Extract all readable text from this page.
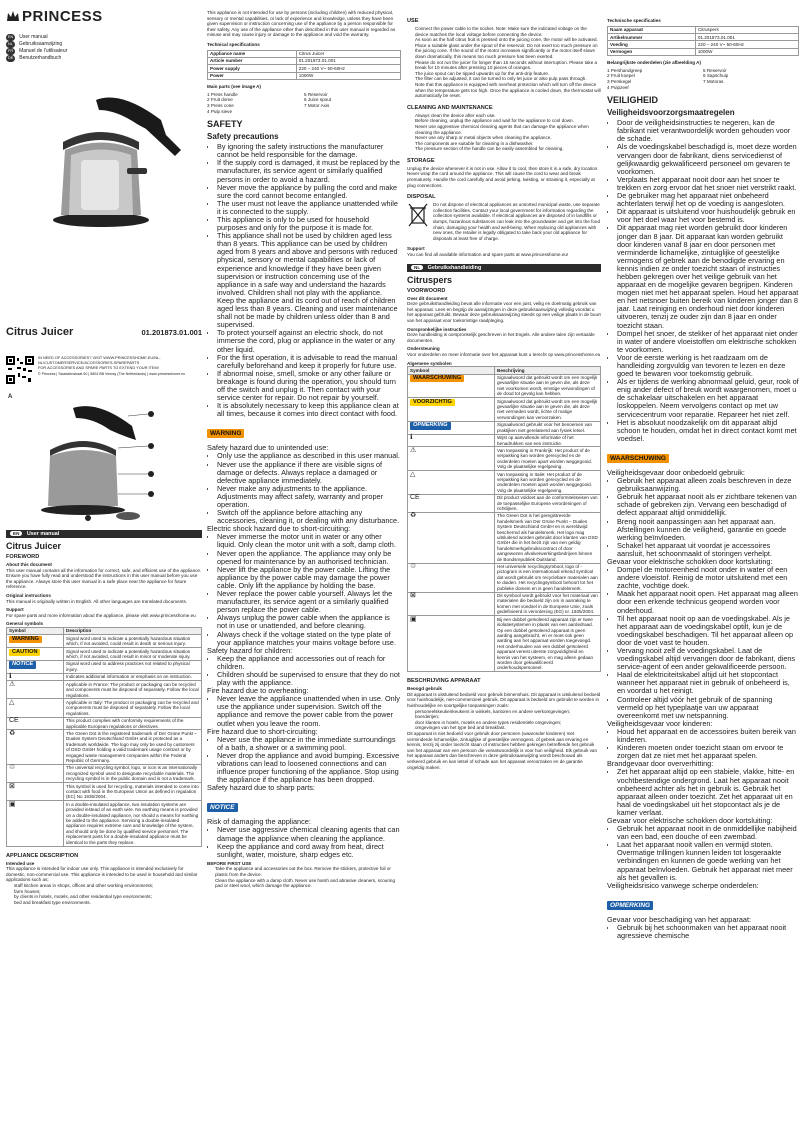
PRINCESS
EN	User manual
NL	Gebruiksaanwijzing
FR	Manuel de l'utilisateur
DE	Benutzerhandbuch
Citrus Juicer	01.201873.01.001
IN NEED OF ACCESSORIES? VISIT WWW.PRINCESSHOME.EU/NL-NL/CUSTOMERSERVICE/ACCESSORIES-SPAREPARTS
FOR ACCESSORIES AND SPARE PARTS TO EXTEND YOUR ITEM!
© Princess | Swaddenstraat 60 | 5804 BB Venray (The Netherlands) | www.princesshome.eu
A
EN User manual
Citrus Juicer
FOREWORD
About this document
This user manual contains all the information for correct, safe, and efficient use of the appliance. Ensure you have fully read and understood the instructions in this user manual before you use the appliance. Always store this user manual in a safe place near the appliance for future reference.
Original instructions
This manual is originally written in English. All other languages are translated documents.
Support
For spare parts and more information about the appliance, please visit www.princesshome.eu
General symbols
Symbol	Description
WARNING	Signal word used to indicate a potentially hazardous situation which, if not avoided, could result in death or serious injury.
CAUTION	Signal word used to indicate a potentially hazardous situation which, if not avoided, could result in minor or moderate injury.
NOTICE	Signal word used to address practices not related to physical injury.
ℹ	Indicates additional information or emphasis on an instruction.
⚠	Applicable in France: The product or packaging can be recycled and components must be disposed of separately. Follow the local regulations.
△	Applicable in Italy: The product or packaging can be recycled and components must be disposed of separately. Follow the local regulations.
CE	This product complies with conformity requirements of the applicable European regulations or directives.
♻	The Green Dot is the registered trademark of Der Grüne Punkt – Duales System Deutschland GmbH and is protected as a trademark worldwide. The logo may only be used by customers of DSD GmbH holding a valid trademark usage contract or by engaged waste management companies within the Federal Republic of Germany.
♲	The universal recycling symbol, logo, or icon is an internationally recognized symbol used to designate recyclable materials. The recycling symbol is in the public domain and is not a trademark.
⊠	This symbol is used for recycling, materials intended to come into contact with food in the European Union as defined in regulation (EC) No 1935/2004.
▣	In a double-insulated appliance, two insulation systems are provided instead of an earth wire. No earthing means is provided on a double-insulated appliance, nor should a means for earthing be added to the appliance. Servicing a double-insulated appliance requires extreme care and knowledge of the system, and should only be done by qualified service personnel. The replacement parts for a double-insulated appliance must be identical to the parts they replace.
APPLIANCE DESCRIPTION
Intended use
This appliance is intended for indoor use only. This appliance is intended exclusively for domestic, non-commercial use. This appliance is intended to be used in household and similar applications such as:
• staff kitchen areas in shops, offices and other working environments;
• farm houses;
• by clients in hotels, motels, and other residential type environments;
• bed and breakfast type environments.
This appliance is not intended for use by persons (including children) with reduced physical, sensory or mental capabilities, or lack of experience and knowledge, unless they have been given supervision or instruction concerning use of the appliance by a person responsible for their safety. Any use of the appliance other than described in this user manual is regarded as misuse and may cause injury or damage to the appliance and void the warranty.
Technical specifications
Appliance name	Citrus Juicer
Article number	01.201873.01.001
Power supply	220 – 240 V~ 50-60Hz
Power	1000W
Main parts (see image A)
1 Press handle	5 Reservoir
2 Fruit dome	6 Juice spout
3 Press cone	7 Motor Axis
4 Pulp sieve
SAFETY
Safety precautions
• By ignoring the safety instructions the manufacturer cannot be held responsible for the damage.
• If the supply cord is damaged, it must be replaced by the manufacturer, its service agent or similarly qualified persons in order to avoid a hazard.
• Never move the appliance by pulling the cord and make sure the cord cannot become entangled.
• The user must not leave the appliance unattended while it is connected to the supply.
• This appliance is only to be used for household purposes and only for the purpose it is made for.
• This appliance shall not be used by children aged less than 8 years. This appliance can be used by children aged from 8 years and above and persons with reduced physical, sensory or mental capabilities or lack of experience and knowledge if they have been given supervision or instruction concerning use of the appliance in a safe way and understand the hazards involved. Children shall not play with the appliance. Keep the appliance and its cord out of reach of children aged less than 8 years. Cleaning and user maintenance shall not be made by children unless older than 8 and supervised.
• To protect yourself against an electric shock, do not immerse the cord, plug or appliance in the water or any other liquid.
• For the first operation, it is advisable to read the manual carefully beforehand and keep it properly for future use.
• If abnormal noise, smell, smoke or any other failure or breakage is found during the operation, you should turn off the switch and unplug it. Then contact with your service center for repair. Do not repair by yourself.
• It is absolutely necessary to keep this appliance clean at all times, because it comes into direct contact with food.
WARNING
Safety hazard due to unintended use:
• Only use the appliance as described in this user manual.
• Never use the appliance if there are visible signs of damage or defects. Always replace a damaged or defective appliance immediately.
• Never make any adjustments to the appliance. Adjustments may affect safety, warranty and proper operation.
• Switch off the appliance before attaching any accessories, cleaning it, or dealing with any disturbance.
Electric shock hazard due to short-circuiting:
• Never immerse the motor unit in water or any other liquid. Only clean the motor unit with a soft, damp cloth.
• Never open the appliance. The appliance may only be opened for maintenance by an authorised technician.
• Never lift the appliance by the power cable. Lifting the appliance by the power cable may damage the power cable. Only lift the appliance by holding the base.
• Never replace the power cable yourself. Always let the manufacturer, its service agent or a similarly qualified person replace the power cable.
• Always unplug the power cable when the appliance is not in use or unattended, and before cleaning.
• Always check if the voltage stated on the type plate of your appliance matches your mains voltage before use.
Safety hazard for children:
• Keep the appliance and accessories out of reach for children.
• Children should be supervised to ensure that they do not play with the appliance.
Fire hazard due to overheating:
• Never leave the appliance unattended when in use. Only use the appliance under supervision. Switch off the appliance and remove the power cable from the power outlet when you leave the room.
Fire hazard due to short-circuiting:
• Never use the appliance in the immediate surroundings of a bath, a shower or a swimming pool.
• Never drop the appliance and avoid bumping. Excessive vibrations can lead to loosened connections and can influence proper functioning of the appliance. Stop using the appliance if the appliance has been dropped.
Safety hazard due to sharp parts:
NOTICE
Risk of damaging the appliance:
• Never use aggressive chemical cleaning agents that can damage the appliance when cleaning the appliance.
• Keep the appliance and cord away from heat, direct sunlight, water, moisture, sharp edges etc.
BEFORE FIRST USE
• Take the appliance and accessories out the box. Remove the stickers, protective foil or plastic from the device.
• Clean the appliance with a damp cloth. Never use harsh and abrasive cleaners, scouring pad or steel wool, which damage the appliance.
USE
• Connect the power cable to the socket. Note: Make sure the indicated voltage on the device matches the local voltage before connecting the device.
• As soon as the half citrus fruit is pressed onto the juicing cone, the motor will be activated.
• Place a suitable glass under the spout of the reservoir. Do not exert too much pressure on the juicing cone. If the sound of the motor increases significantly or the motor itself slows down dramatically, this means too much pressure has been exerted.
• Please do not run the juicer for longer than 15 seconds without interruption. Please take a break for 10 minutes after pressing 10 pieces of oranges.
• The juice spout can be tipped upwards up for the anti-drip feature.
• The filter can be adjusted, it can be turned to only let juice or also pulp pass through.
• Note that this appliance is equipped with overheat protection which will turn off the device when the temperature gets too high. Once the appliance is cooled down, the thermostat will automatically be reset.
CLEANING AND MAINTENANCE
• Always clean the device after each use.
• Before cleaning, unplug the appliance and wait for the appliance to cool down.
• Never use aggressive chemical cleaning agents that can damage the appliance when cleaning the appliance.
• Never use any sharp or metal objects when cleaning the appliance.
• The components are suitable for cleaning in a dishwasher.
• The pressure section of the handle can be easily assembled for cleaning.
STORAGE
Unplug the device whenever it is not in use. Allow it to cool, then store it in a safe, dry location. Never wrap the cord around the appliance. This will cause the cord to wear and break prematurely. Handle the cord carefully and avoid jerking, twisting, or straining it, especially at plug connections.
DISPOSAL
Do not dispose of electrical appliances as unsorted municipal waste, use separate collection facilities. Contact your local government for information regarding the collection systems available. If electrical appliances are disposed of in landfills or dumps, hazardous substances can leak into the groundwater and get into the food chain, damaging your health and well-being. When replacing old appliances with new ones, the retailer is legally obligated to take back your old appliance for disposals at least free of charge.
Support
You can find all available information and spare parts at www.princesshome.eu!
NL Gebruikshandleiding
Citruspers
VOORWOORD
Over dit document
Deze gebruikshandleiding bevat alle informatie voor een juist, veilig en doelmatig gebruik van het apparaat. Lees en begrijp de aanwijzingen in deze gebruiksaanwijzing volledig voordat u het apparaat gebruikt. Bewaar deze gebruiksaanwijzing steeds op een veilige plaats in de buurt van het apparaat voor toekomstige raadpleging.
Oorspronkelijke instructies
Deze handleiding is oorspronkelijk geschreven in het Engels. Alle andere talen zijn vertaalde documenten.
Ondersteuning
Voor onderdelen en meer informatie over het apparaat kunt u terecht op www.princesshome.eu
Algemene symbolen
Symbool	Beschrijving
WAARSCHUWING	Signaalwoord dat gebruikt wordt om een mogelijk gevaarlijke situatie aan te geven die, als deze niet voorkomen wordt, ernstige verwondingen of de dood tot gevolg kan hebben.
VOORZICHTIG	Signaalwoord dat gebruikt wordt om een mogelijk gevaarlijke situatie aan te geven die, als deze niet vermeden wordt, lichte of matige verwondingen kan veroorzaken.
OPMERKING	Signaalwoord gebruikt voor het benoemen van praktijken niet gerelateerd aan fysiek letsel.
ℹ	Wijst op aanvullende informatie of het benadrukken van een instructie.
⚠	Van toepassing in Frankrijk: Het product of de verpakking kan worden gerecycled en de onderdelen moeten apart worden weggegooid. Volg de plaatselijke regelgeving.
△	Van toepassing in Italië: Het product of de verpakking kan worden gerecycled en de onderdelen moeten apart worden weggegooid. Volg de plaatselijke regelgeving.
CE	Dit product voldoet aan de conformiteitseisen van de toepasselijke Europese verordeningen of richtlijnen.
♻	The Green Dot is het geregistreerde handelsmerk van Der Grüne Punkt – Duales System Deutschland GmbH en is wereldwijd beschermd als handelsmerk. Het logo mag uitsluitend worden gebruikt door klanten van DSD GmbH die in het bezit zijn van een geldig handelsmerkgebruikscontract of door aangewezen afvalverwerkingsbedrijven binnen de Bondsrepubliek Duitsland.
♲	Het universele recyclingsymbool, logo of -pictogram is een internationaal erkend symbool dat wordt gebruikt om recyclebare materialen aan te duiden. Het recyclingsymbool behoort tot het publieke domein en is geen handelsmerk.
⊠	Dit symbool wordt gebruikt voor het materiaal van materialen die bedoeld zijn om in aanraking te komen met voedsel in de Europese Unie, zoals gedefinieerd in verordening (EG) nr. 1935/2004.
▣	Bij een dubbel geïsoleerd apparaat zijn er twee isolatiesystemen in plaats van een aardedraad. Op een dubbel geïsoleerd apparaat is geen aarding aangebracht, en er moet ook geen aarding aan het apparaat worden toegevoegd. Het onderhouden van een dubbel geïsoleerd apparaat vereist uiterste zorgvuldigheid en kennis van het systeem, en mag alleen gedaan worden door gekwalificeerd onderhoudspersoneel.
BESCHRIJVING APPARAAT
Beoogd gebruik
Dit apparaat is uitsluitend bedoeld voor gebruik binnenshuis. Dit apparaat is uitsluitend bedoeld voor huishoudelijk, niet-commercieel gebruik. Dit apparaat is bedoeld om gebruikt te worden in huishoudelijke en soortgelijke toepassingen zoals:
• personeelskeukenkeukens in winkels, kantoren en andere werkomgevingen;
• boerderijen;
• door klanten in hotels, motels en andere types residentiële omgevingen;
• omgevingen van het type bed and breakfast.
Dit apparaat is niet bedoeld voor gebruik door personen (waaronder kinderen) met verminderde lichamelijke, zintuiglijke of geestelijke vermogens, of gebrek aan ervaring en kennis, tenzij zij onder toezicht staan of instructies hebben gekregen betreffende het gebruik van het apparaat van een persoon die verantwoordelijk is voor hun veiligheid. Elk gebruik van het apparaat anders dan beschreven in deze gebruiksaanwijzing wordt beschouwd als verkeerd gebruik en kan letsel of schade aan het apparaat veroorzaken en de garantie ongeldig maken.
Technische specificaties
Naam apparaat	Citruspers
Artikelnummer	01.201873.01.001
Voeding	220 – 240 V~ 50-60Hz
Vermogen	1000W
Belangrijkste onderdelen (zie afbeelding A)
1 Pershandgreep	5 Reservoir
2 Fruit koepel	6 Sapschuip
3 Perskegel	7 Motoras
4 Pulpzeef
VEILIGHEID
Veiligheidsvoorzorgsmaatregelen
• Door de veiligheidsinstructies te negeren, kan de fabrikant niet verantwoordelijk worden gehouden voor de schade.
• Als de voedingskabel beschadigd is, moet deze worden vervangen door de fabrikant, diens servicedienst of gelijkwaardig gekwalificeerd personeel om gevaren te voorkomen.
• Verplaats het apparaat nooit door aan het snoer te trekken en zorg ervoor dat het snoer niet verstrikt raakt.
• De gebruiker mag het apparaat niet onbeheerd achterlaten terwijl het op de voeding is aangesloten.
• Dit apparaat is uitsluitend voor huishoudelijk gebruik en voor het doel waar het voor bestemd is.
• Dit apparaat mag niet worden gebruikt door kinderen jonger dan 8 jaar. Dit apparaat kan worden gebruikt door kinderen vanaf 8 jaar en door personen met verminderde lichamelijke, zintuiglijke of geestelijke vermogens of gebrek aan de benodigde ervaring en kennis indien ze onder toezicht staan of instructies hebben gekregen over het veilige gebruik van het apparaat en de mogelijke gevaren begrijpen. Kinderen mogen niet met het apparaat spelen. Houd het apparaat en het netsnoer buiten bereik van kinderen jonger dan 8 jaar. Laat reiniging en onderhoud niet door kinderen uitvoeren, tenzij ze ouder zijn dan 8 jaar en onder toezicht staan.
• Dompel het snoer, de stekker of het apparaat niet onder in water of andere vloeistoffen om elektrische schokken te voorkomen.
• Voor de eerste werking is het raadzaam om de handleiding zorgvuldig van tevoren te lezen en deze goed te bewaren voor toekomstig gebruik.
• Als er tijdens de werking abnormaal geluid, geur, rook of enig ander defect of breuk wordt waargenomen, moet u de schakelaar uitschakelen en het apparaat loskoppelen. Neem vervolgens contact op met uw servicecentrum voor reparatie. Repareer het niet zelf.
• Het is absoluut noodzakelijk om dit apparaat altijd schoon te houden, omdat het in direct contact komt met voedsel.
WAARSCHUWING
Veiligheidsgevaar door onbedoeld gebruik:
• Gebruik het apparaat alleen zoals beschreven in deze gebruiksaanwijzing.
• Gebruik het apparaat nooit als er zichtbare tekenen van schade of gebreken zijn. Vervang een beschadigd of defect apparaat altijd onmiddellijk.
• Breng nooit aanpassingen aan het apparaat aan. Afstellingen kunnen de veiligheid, garantie en goede werking beïnvloeden.
• Schakel het apparaat uit voordat je accessoires aansluit, het schoonmaakt of storingen verhelpt.
Gevaar voor elektrische schokken door kortsluiting:
• Dompel de motoreenheid nooit onder in water of een andere vloeistof. Reinig de motor uitsluitend met een zachte, vochtige doek.
• Maak het apparaat nooit open. Het apparaat mag alleen door een erkende technicus geopend worden voor onderhoud.
• Til het apparaat nooit op aan de voedingskabel. Als je het apparaat aan de voedingskabel optilt, kun je de voedingskabel beschadigen. Til het apparaat alleen op door de voet vast te houden.
• Vervang nooit zelf de voedingskabel. Laat de voedingskabel altijd vervangen door de fabrikant, diens service-agent of een ander gekwalificeerde persoon.
• Haal de elektriciteitskabel altijd uit het stopcontact wanneer het apparaat niet in gebruik of onbeheerd is, en voordat u het reinigt.
• Controleer altijd vóór het gebruik of de spanning vermeld op het typeplaatje van uw apparaat overeenkomt met uw netspanning.
Veiligheidsgevaar voor kinderen:
• Houd het apparaat en de accessoires buiten bereik van kinderen.
• Kinderen moeten onder toezicht staan om ervoor te zorgen dat ze niet met het apparaat spelen.
Brandgevaar door oververhitting:
• Zet het apparaat altijd op een stabiele, vlakke, hitte- en vochtbestendige ondergrond. Laat het apparaat nooit onbeheerd achter als het in gebruik is. Gebruik het apparaat alleen onder toezicht. Zet het apparaat uit en haal de voedingskabel uit het stopcontact als je de kamer verlaat.
Gevaar voor elektrische schokken door kortsluiting:
• Gebruik het apparaat nooit in de onmiddellijke nabijheid van een bad, een douche of een zwembad.
• Laat het apparaat nooit vallen en vermijd stoten. Overmatige trillingen kunnen leiden tot losgeraakte verbindingen en kunnen de goede werking van het apparaat beïnvloeden. Gebruik het apparaat niet meer als het gevallen is.
Veiligheidsrisico vanwege scherpe onderdelen:
OPMERKING
Gevaar voor beschadiging van het apparaat:
• Gebruik bij het schoonmaken van het apparaat nooit agressieve chemische
